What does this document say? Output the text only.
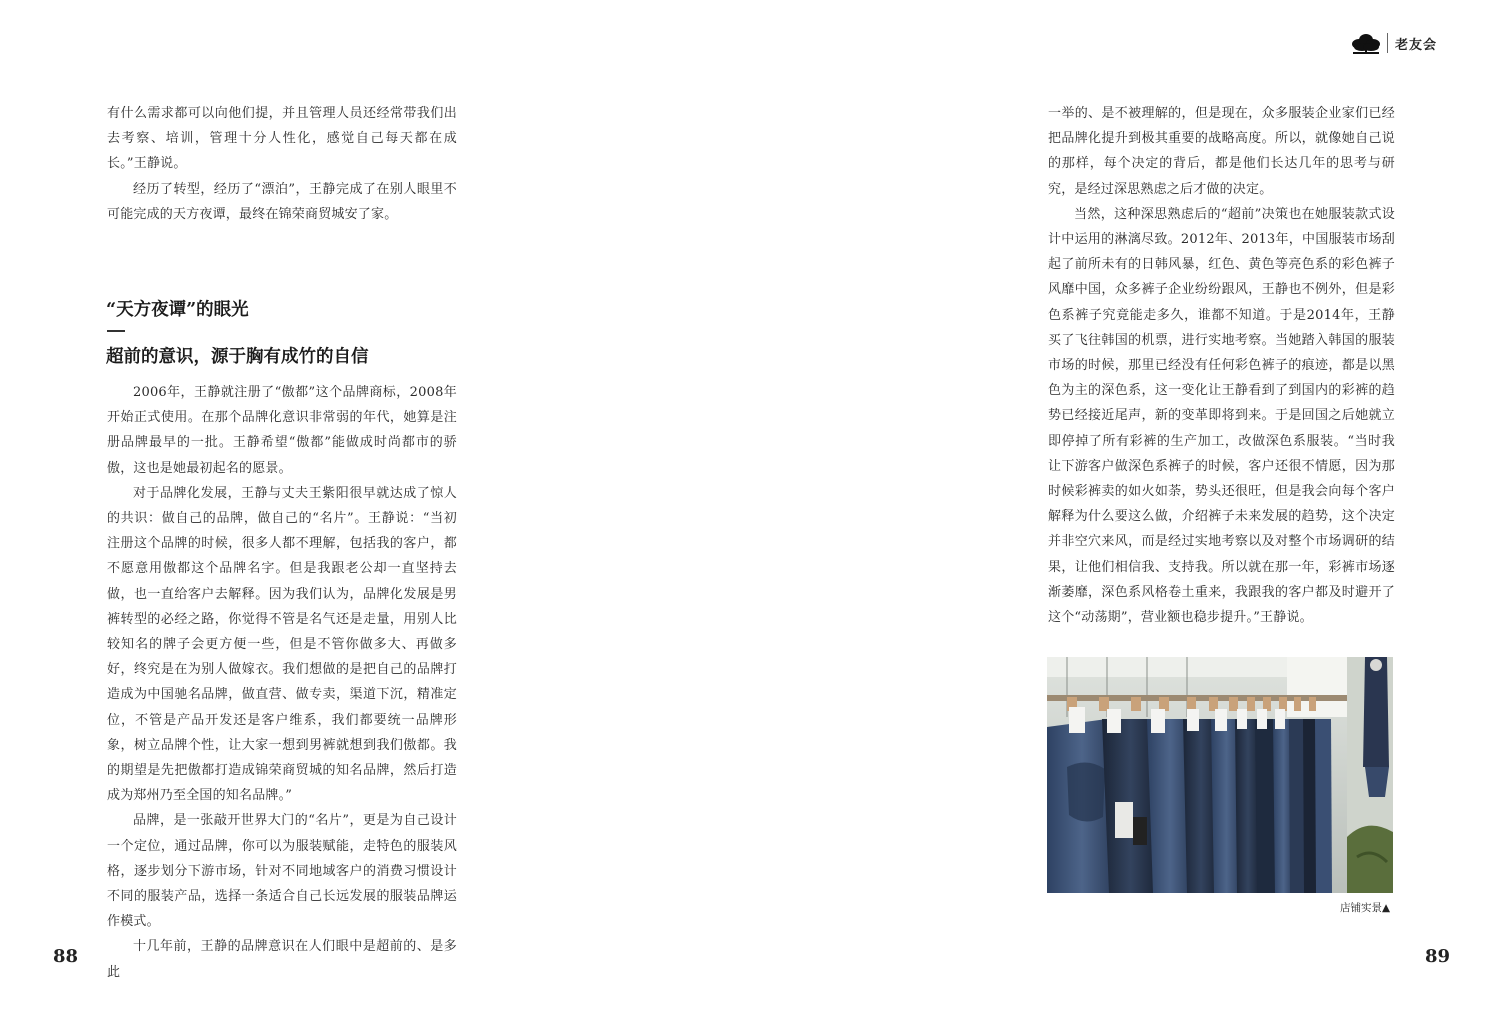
有什么需求都可以向他们提，并且管理人员还经常带我们出去考察、培训，管理十分人性化，感觉自己每天都在成长。”王静说。

经历了转型，经历了“漂泊”，王静完成了在别人眼里不可能完成的天方夜谭，最终在锦荣商贸城安了家。

“天方夜谭”的眼光
超前的意识，源于胸有成竹的自信

2006年，王静就注册了“傲都”这个品牌商标，2008年开始正式使用。在那个品牌化意识非常弱的年代，她算是注册品牌最早的一批。王静希望“傲都”能做成时尚都市的骄傲，这也是她最初起名的愿景。

对于品牌化发展，王静与丈夫王紫阳很早就达成了惊人的共识：做自己的品牌，做自己的“名片”。王静说：“当初注册这个品牌的时候，很多人都不理解，包括我的客户，都不愿意用傲都这个品牌名字。但是我跟老公却一直坚持去做，也一直给客户去解释。因为我们认为，品牌化发展是男裤转型的必经之路，你觉得不管是名气还是走量，用别人比较知名的牌子会更方便一些，但是不管你做多大、再做多好，终究是在为别人做嫁衣。我们想做的是把自己的品牌打造成为中国驰名品牌，做直营、做专卖，渠道下沉，精准定位，不管是产品开发还是客户维系，我们都要统一品牌形象，树立品牌个性，让大家一想到男裤就想到我们傲都。我的期望是先把傲都打造成锦荣商贸城的知名品牌，然后打造成为郑州乃至全国的知名品牌。”

品牌，是一张敲开世界大门的“名片”，更是为自己设计一个定位，通过品牌，你可以为服装赋能，走特色的服装风格，逐步划分下游市场，针对不同地域客户的消费习惯设计不同的服装产品，选择一条适合自己长远发展的服装品牌运作模式。

十几年前，王静的品牌意识在人们眼中是超前的、是多此

88
老友会

一举的、是不被理解的，但是现在，众多服装企业家们已经把品牌化提升到极其重要的战略高度。所以，就像她自己说的那样，每个决定的背后，都是他们长达几年的思考与研究，是经过深思熟虑之后才做的决定。

当然，这种深思熟虑后的“超前”决策也在她服装款式设计中运用的淋漓尽致。2012年、2013年，中国服装市场刮起了前所未有的日韩风暴，红色、黄色等亮色系的彩色裤子风靡中国，众多裤子企业纷纷跟风，王静也不例外，但是彩色系裤子究竟能走多久，谁都不知道。于是2014年，王静买了飞往韩国的机票，进行实地考察。当她踏入韩国的服装市场的时候，那里已经没有任何彩色裤子的痕迹，都是以黑色为主的深色系，这一变化让王静看到了到国内的彩裤的趋势已经接近尾声，新的变革即将到来。于是回国之后她就立即停掉了所有彩裤的生产加工，改做深色系服装。“当时我让下游客户做深色系裤子的时候，客户还很不情愿，因为那时候彩裤卖的如火如荼，势头还很旺，但是我会向每个客户解释为什么要这么做，介绍裤子未来发展的趋势，这个决定并非空穴来风，而是经过实地考察以及对整个市场调研的结果，让他们相信我、支持我。所以就在那一年，彩裤市场逐渐萎靡，深色系风格卷土重来，我跟我的客户都及时避开了这个“动荡期”，营业额也稳步提升。”王静说。

店铺实景▲
89
